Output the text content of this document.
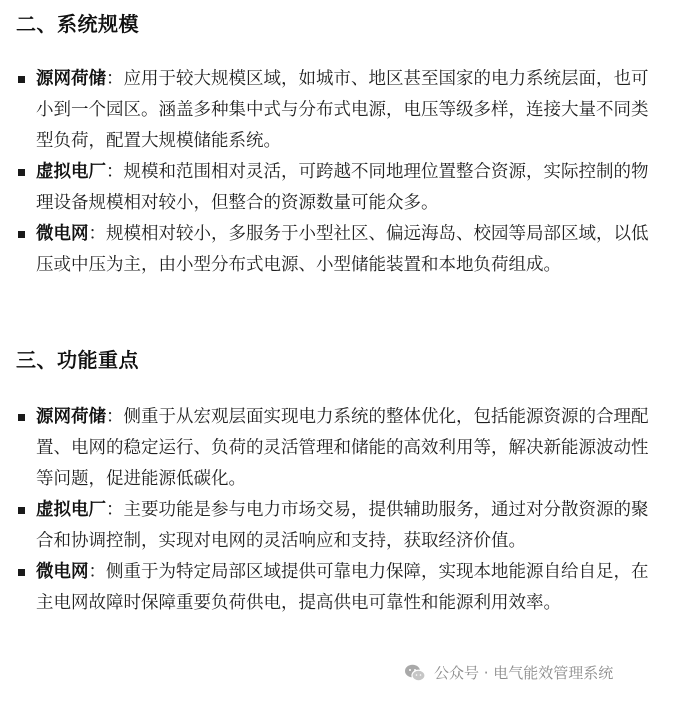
二、系统规模
源网荷储：应用于较大规模区域，如城市、地区甚至国家的电力系统层面，也可小到一个园区。涵盖多种集中式与分布式电源，电压等级多样，连接大量不同类型负荷，配置大规模储能系统。
虚拟电厂：规模和范围相对灵活，可跨越不同地理位置整合资源，实际控制的物理设备规模相对较小，但整合的资源数量可能众多。
微电网：规模相对较小，多服务于小型社区、偏远海岛、校园等局部区域，以低压或中压为主，由小型分布式电源、小型储能装置和本地负荷组成。
三、功能重点
源网荷储：侧重于从宏观层面实现电力系统的整体优化，包括能源资源的合理配置、电网的稳定运行、负荷的灵活管理和储能的高效利用等，解决新能源波动性等问题，促进能源低碳化。
虚拟电厂：主要功能是参与电力市场交易，提供辅助服务，通过对分散资源的聚合和协调控制，实现对电网的灵活响应和支持，获取经济价值。
微电网：侧重于为特定局部区域提供可靠电力保障，实现本地能源自给自足，在主电网故障时保障重要负荷供电，提高供电可靠性和能源利用效率。
公众号 · 电气能效管理系统
